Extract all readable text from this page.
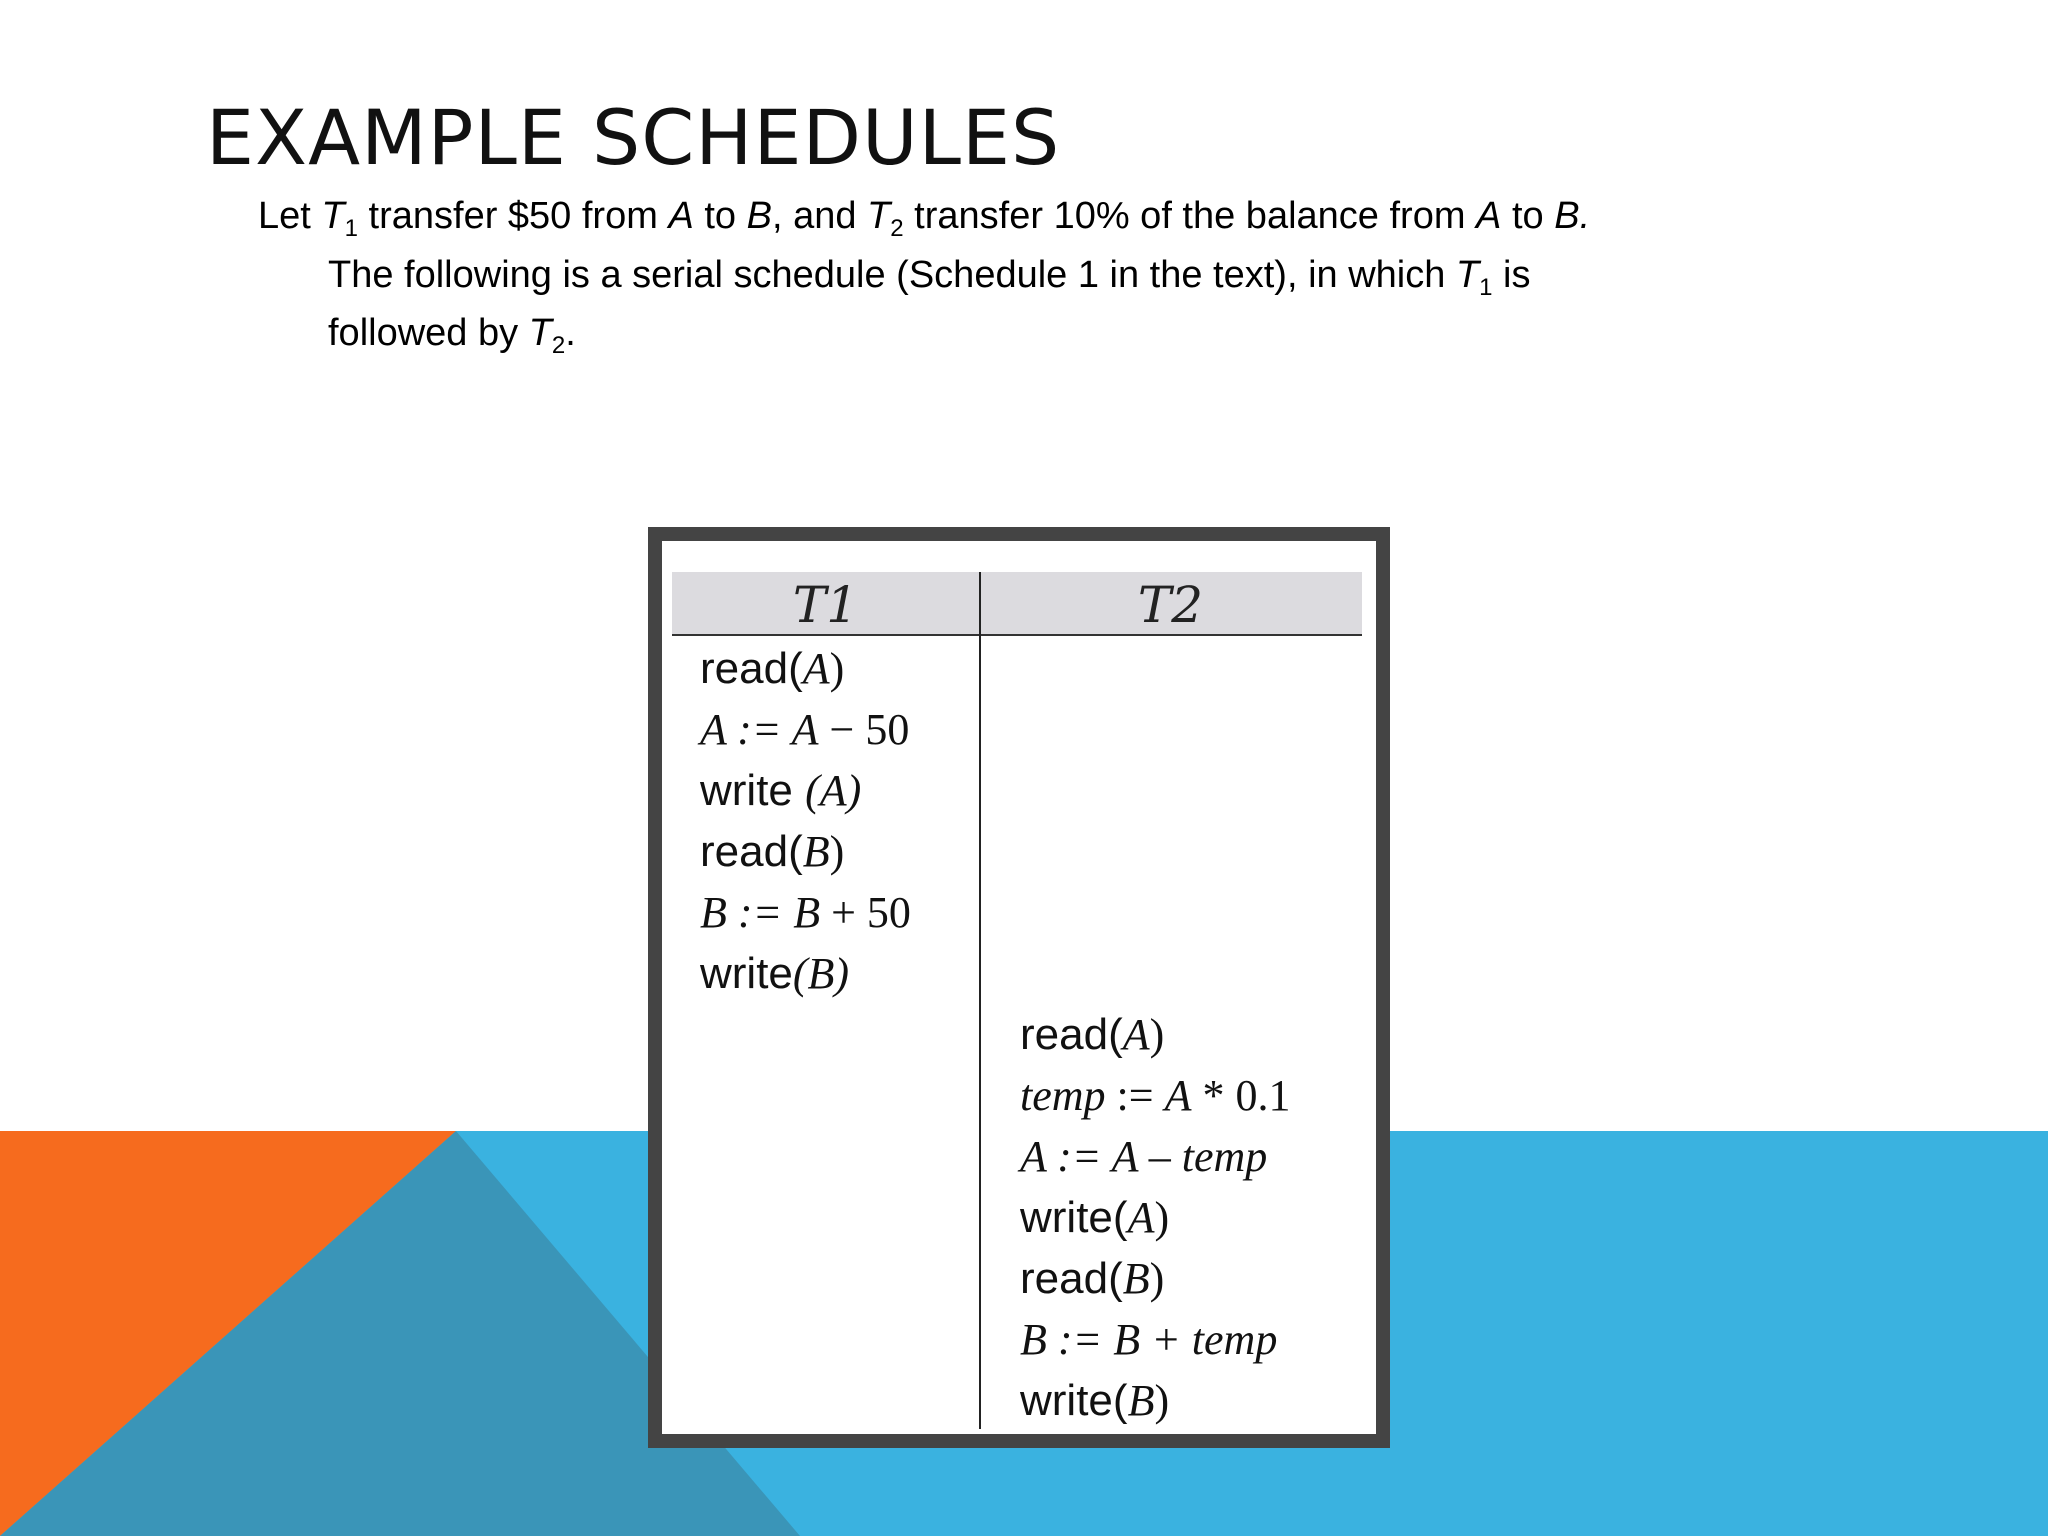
EXAMPLE SCHEDULES
Let $T_1$ transfer $50 from A to B, and $T_2$ transfer 10% of the balance from A to B.
The following is a serial schedule (Schedule 1 in the text), in which $T_1$ is
followed by $T_2$.
T1	T2
read(A)
A := A − 50
write (A)
read(B)
B := B + 50
write(B)
read(A)
temp := A * 0.1
A := A – temp
write(A)
read(B)
B := B + temp
write(B)
